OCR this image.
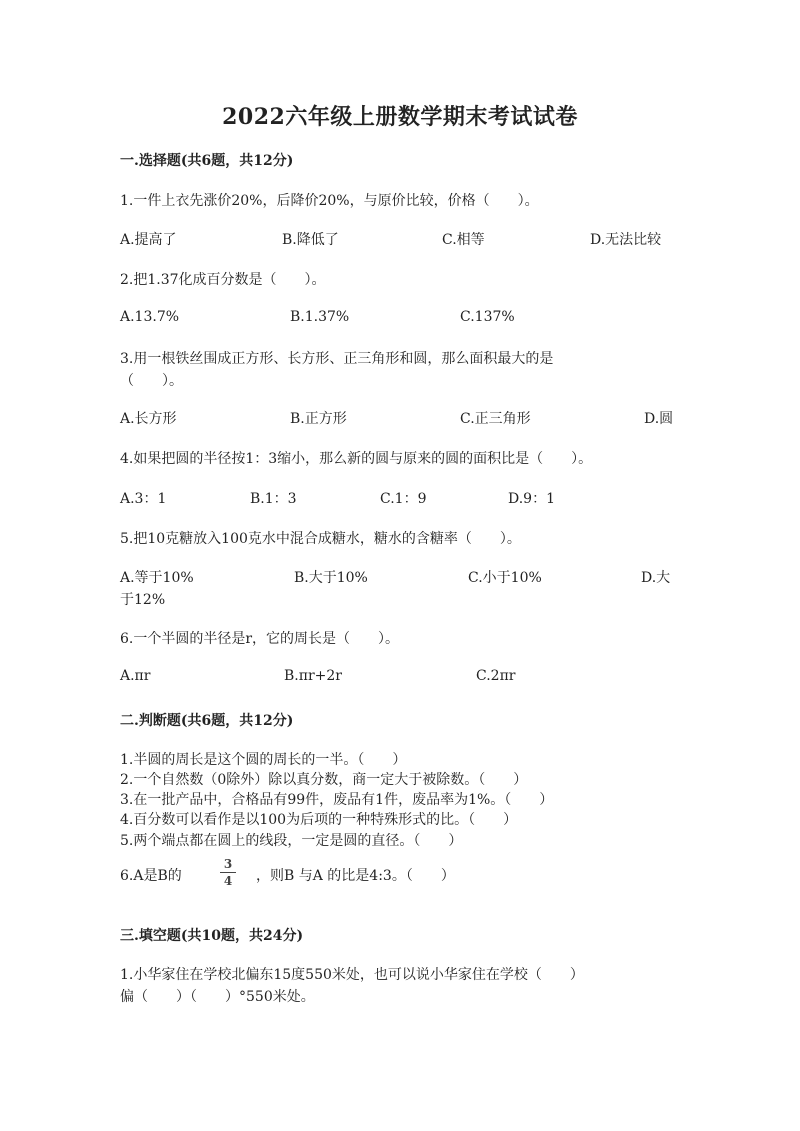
2022六年级上册数学期末考试试卷
一.选择题(共6题，共12分)
1.一件上衣先涨价20%，后降价20%，与原价比较，价格（　　）。
A.提高了	B.降低了	C.相等	D.无法比较
2.把1.37化成百分数是（　　）。
A.13.7%	B.1.37%	C.137%
3.用一根铁丝围成正方形、长方形、正三角形和圆，那么面积最大的是
（　　）。
A.长方形	B.正方形	C.正三角形	D.圆
4.如果把圆的半径按1：3缩小，那么新的圆与原来的圆的面积比是（　　）。
A.3：1	B.1：3	C.1：9	D.9：1
5.把10克糖放入100克水中混合成糖水，糖水的含糖率（　　）。
A.等于10%	B.大于10%	C.小于10%	D.大
于12%
6.一个半圆的半径是r，它的周长是（　　）。
A.πr	B.πr+2r	C.2πr
二.判断题(共6题，共12分)
1.半圆的周长是这个圆的周长的一半。（　　）
2.一个自然数（0除外）除以真分数，商一定大于被除数。（　　）
3.在一批产品中，合格品有99件，废品有1件，废品率为1%。（　　）
4.百分数可以看作是以100为后项的一种特殊形式的比。（　　）
5.两个端点都在圆上的线段，一定是圆的直径。（　　）
6.A是B的
3
4 ，则B 与A 的比是4:3。（　　）
三.填空题(共10题，共24分)
1.小华家住在学校北偏东15度550米处，也可以说小华家住在学校（　　）
偏（　　）（　　）°550米处。
